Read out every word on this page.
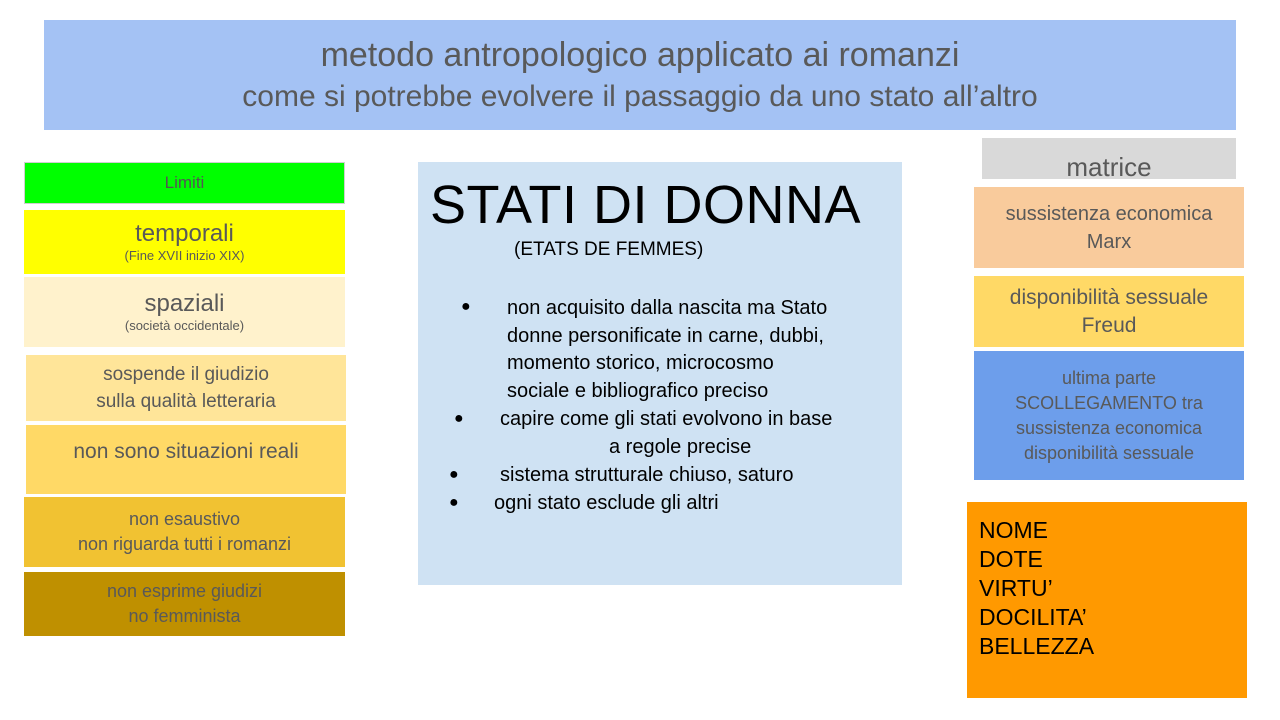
metodo antropologico applicato ai romanzi
come si potrebbe evolvere il passaggio da uno stato all’altro
Limiti
temporali
(Fine XVII inizio XIX)
spaziali
(società occidentale)
sospende il giudizio
sulla qualità letteraria
non sono situazioni reali
non esaustivo
non riguarda tutti i romanzi
non esprime giudizi
no femminista
STATI DI DONNA
(ETATS DE FEMMES)
● non acquisito dalla nascita ma Stato
donne personificate in carne, dubbi,
momento storico, microcosmo
sociale e bibliografico preciso
● capire come gli stati evolvono in base
a regole precise
● sistema strutturale chiuso, saturo
● ogni stato esclude gli altri
matrice
sussistenza economica
Marx
disponibilità sessuale
Freud
ultima parte
SCOLLEGAMENTO tra
sussistenza economica
disponibilità sessuale
NOME
DOTE
VIRTU’
DOCILITA’
BELLEZZA
